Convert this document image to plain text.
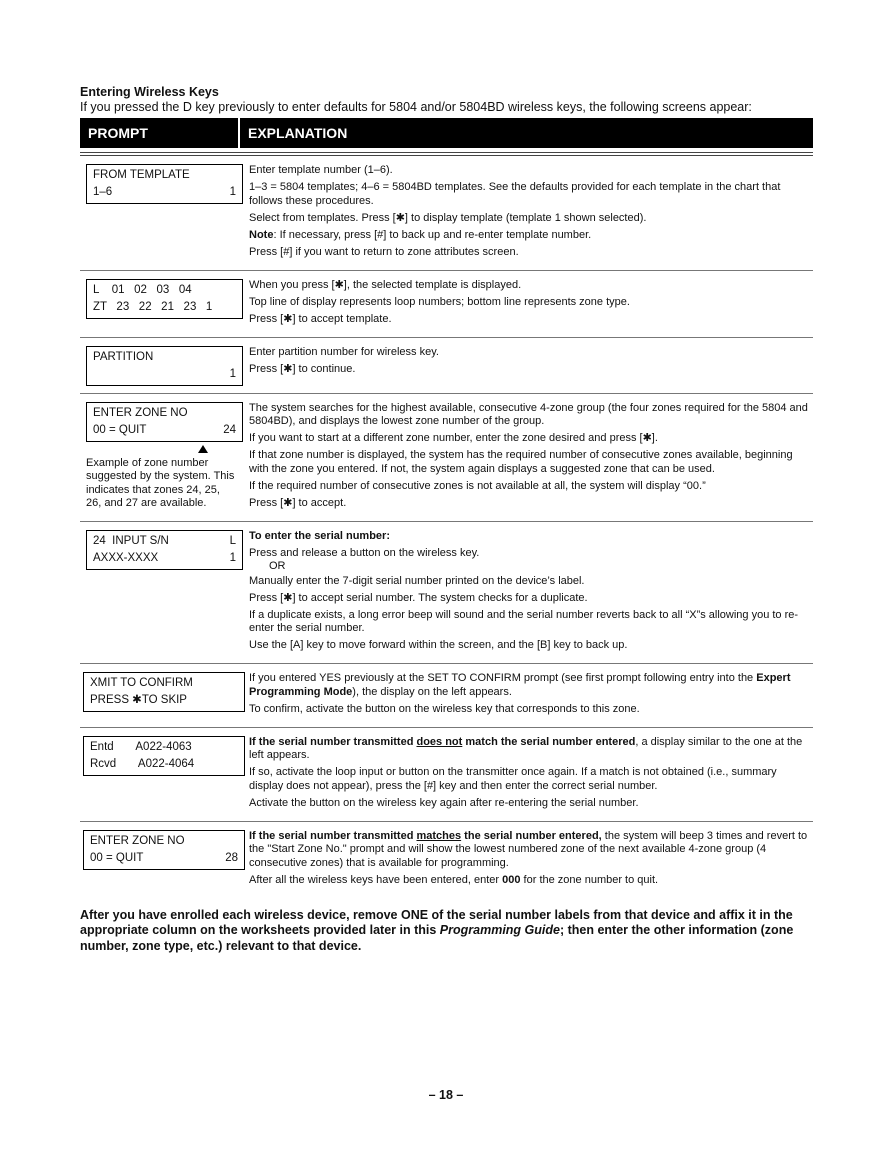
Entering Wireless Keys
If you pressed the D key previously to enter defaults for 5804 and/or 5804BD wireless keys, the following screens appear:
PROMPT	EXPLANATION
FROM TEMPLATE
1–6	1

Enter template number (1–6).

1–3 = 5804 templates; 4–6 = 5804BD templates. See the defaults provided for each template in the chart that follows these procedures.

Select from templates. Press [✱] to display template (template 1 shown selected).

Note: If necessary, press [#] to back up and re-enter template number.

Press [#] if you want to return to zone attributes screen.

L    01   02   03   04
ZT   23   22   21   23   1

When you press [✱], the selected template is displayed.

Top line of display represents loop numbers; bottom line represents zone type.

Press [✱] to accept template.

PARTITION
1

Enter partition number for wireless key.

Press [✱] to continue.

ENTER ZONE NO
00 = QUIT	24
Example of zone number suggested by the system. This indicates that zones 24, 25, 26, and 27 are available.

The system searches for the highest available, consecutive 4-zone group (the four zones required for the 5804 and 5804BD), and displays the lowest zone number of the group.

If you want to start at a different zone number, enter the zone desired and press [✱].

If that zone number is displayed, the system has the required number of consecutive zones available, beginning with the zone you entered. If not, the system again displays a suggested zone that can be used.

If the required number of consecutive zones is not available at all, the system will display “00.”

Press [✱] to accept.

24  INPUT S/N	L
AXXX-XXXX	1

To enter the serial number:

Press and release a button on the wireless key.

OR

Manually enter the 7-digit serial number printed on the device’s label.

Press [✱] to accept serial number. The system checks for a duplicate.

If a duplicate exists, a long error beep will sound and the serial number reverts back to all “X”s allowing you to re-enter the serial number.

Use the [A] key to move forward within the screen, and the [B] key to back up.

XMIT TO CONFIRM
PRESS ✱TO SKIP

If you entered YES previously at the SET TO CONFIRM prompt (see first prompt following entry into the Expert Programming Mode), the display on the left appears.

To confirm, activate the button on the wireless key that corresponds to this zone.

Entd       A022-4063
Rcvd       A022-4064

If the serial number transmitted does not match the serial number entered, a display similar to the one at the left appears.

If so, activate the loop input or button on the transmitter once again. If a match is not obtained (i.e., summary display does not appear), press the [#] key and then enter the correct serial number.

Activate the button on the wireless key again after re-entering the serial number.

ENTER ZONE NO
00 = QUIT	28

If the serial number transmitted matches the serial number entered, the system will beep 3 times and revert to the "Start Zone No." prompt and will show the lowest numbered zone of the next available 4-zone group (4 consecutive zones) that is available for programming.

After all the wireless keys have been entered, enter 000 for the zone number to quit.

After you have enrolled each wireless device, remove ONE of the serial number labels from that device and affix it in the appropriate column on the worksheets provided later in this Programming Guide; then enter the other information (zone number, zone type, etc.) relevant to that device.
– 18 –
